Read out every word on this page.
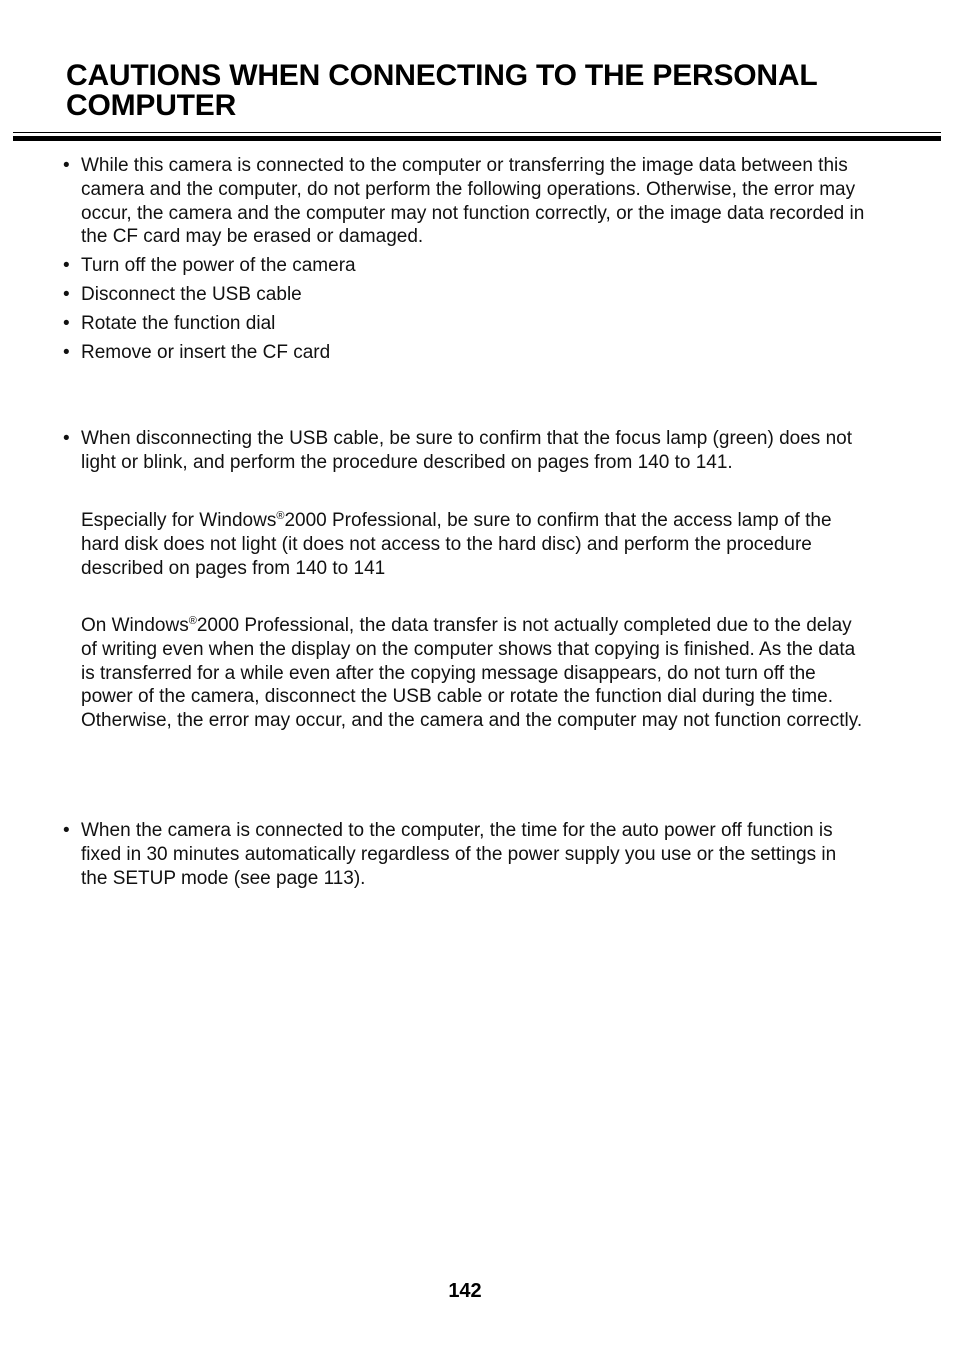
CAUTIONS WHEN CONNECTING TO THE PERSONAL COMPUTER
• While this camera is connected to the computer or transferring the image data between this camera and the computer, do not perform the following operations. Otherwise, the error may occur, the camera and the computer may not function correctly, or the image data recorded in the CF card may be erased or damaged.
• Turn off the power of the camera
• Disconnect the USB cable
• Rotate the function dial
• Remove or insert the CF card
• When disconnecting the USB cable, be sure to confirm that the focus lamp (green) does not light or blink, and perform the procedure described on pages from 140 to 141.
Especially for Windows®2000 Professional, be sure to confirm that the access lamp of the hard disk does not light (it does not access to the hard disc) and perform the procedure described on pages from 140 to 141
On Windows®2000 Professional, the data transfer is not actually completed due to the delay of writing even when the display on the computer shows that copying is finished. As the data is transferred for a while even after the copying message disappears, do not turn off the power of the camera, disconnect the USB cable or rotate the function dial during the time. Otherwise, the error may occur, and the camera and the computer may not function correctly.
• When the camera is connected to the computer, the time for the auto power off function is fixed in 30 minutes automatically regardless of the power supply you use or the settings in the SETUP mode (see page 113).
142
